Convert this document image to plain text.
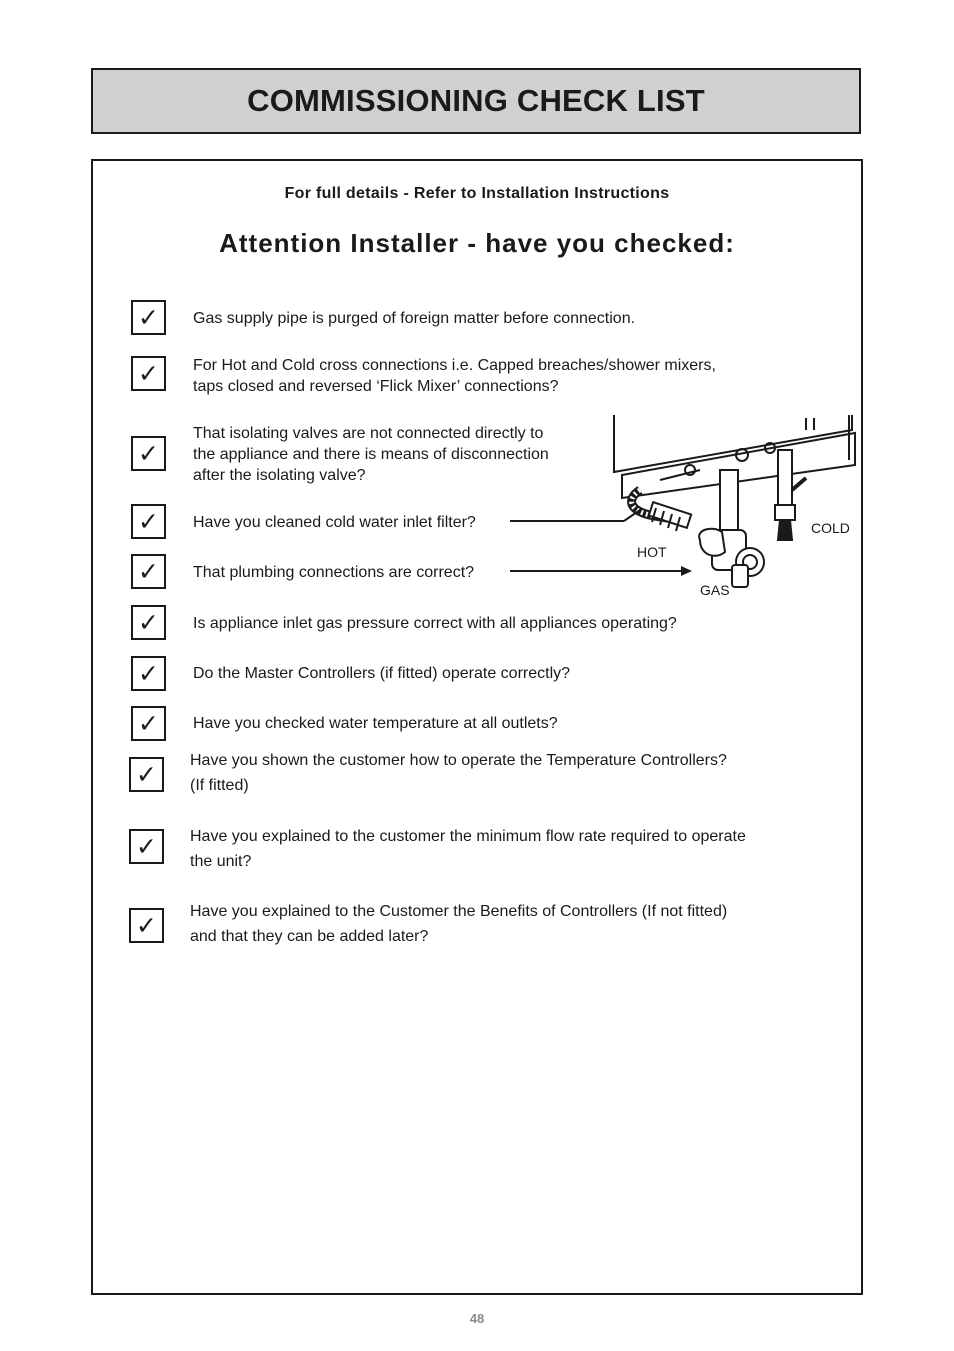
COMMISSIONING CHECK LIST
For full details - Refer to Installation Instructions
Attention Installer - have you checked:
✓
✓
✓
✓
✓
✓
✓
✓
✓
✓
✓
Gas supply pipe is purged of foreign matter before connection.
For Hot and Cold cross connections i.e. Capped breaches/shower mixers,
taps closed and reversed ‘Flick Mixer’ connections?
That isolating valves are not connected directly to
the appliance and there is means of disconnection
after the isolating valve?
Have you cleaned cold water inlet filter?
That plumbing connections are correct?
Is appliance inlet gas pressure correct with all appliances operating?
Do the Master Controllers (if fitted) operate correctly?
Have you checked water temperature at all outlets?
Have you shown the customer how to operate the Temperature Controllers?
(If fitted)
Have you explained to the customer the minimum flow rate required to operate
the unit?
Have you explained to the Customer the Benefits of Controllers (If not fitted)
and that they can be added later?
HOT
COLD
GAS
48
